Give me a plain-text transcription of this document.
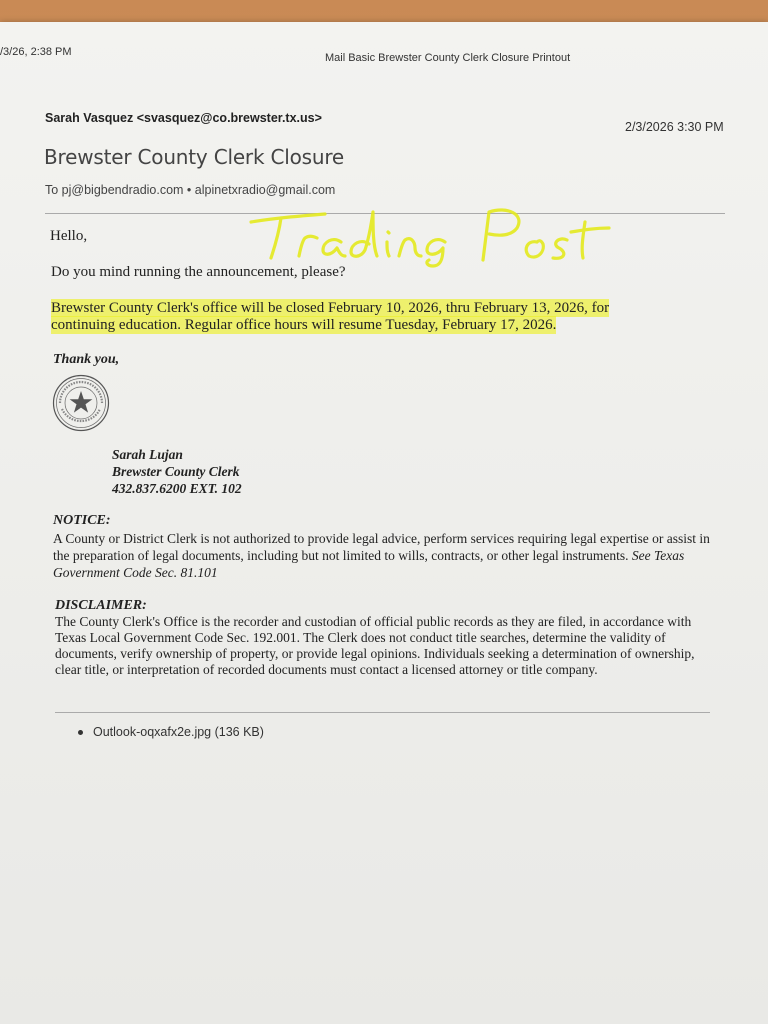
/3/26, 2:38 PM	Mail Basic Brewster County Clerk Closure Printout
Sarah Vasquez <svasquez@co.brewster.tx.us>
2/3/2026 3:30 PM
Brewster County Clerk Closure
To pj@bigbendradio.com • alpinetxradio@gmail.com
Hello,
Do you mind running the announcement, please?
Brewster County Clerk's office will be closed February 10, 2026, thru February 13, 2026, for continuing education. Regular office hours will resume Tuesday, February 17, 2026.
Thank you,
Sarah Lujan
Brewster County Clerk
432.837.6200 EXT. 102
NOTICE:
A County or District Clerk is not authorized to provide legal advice, perform services requiring legal expertise or assist in the preparation of legal documents, including but not limited to wills, contracts, or other legal instruments. See Texas Government Code Sec. 81.101
DISCLAIMER:
The County Clerk's Office is the recorder and custodian of official public records as they are filed, in accordance with Texas Local Government Code Sec. 192.001. The Clerk does not conduct title searches, determine the validity of documents, verify ownership of property, or provide legal opinions. Individuals seeking a determination of ownership, clear title, or interpretation of recorded documents must contact a licensed attorney or title company.
Outlook-oqxafx2e.jpg (136 KB)
